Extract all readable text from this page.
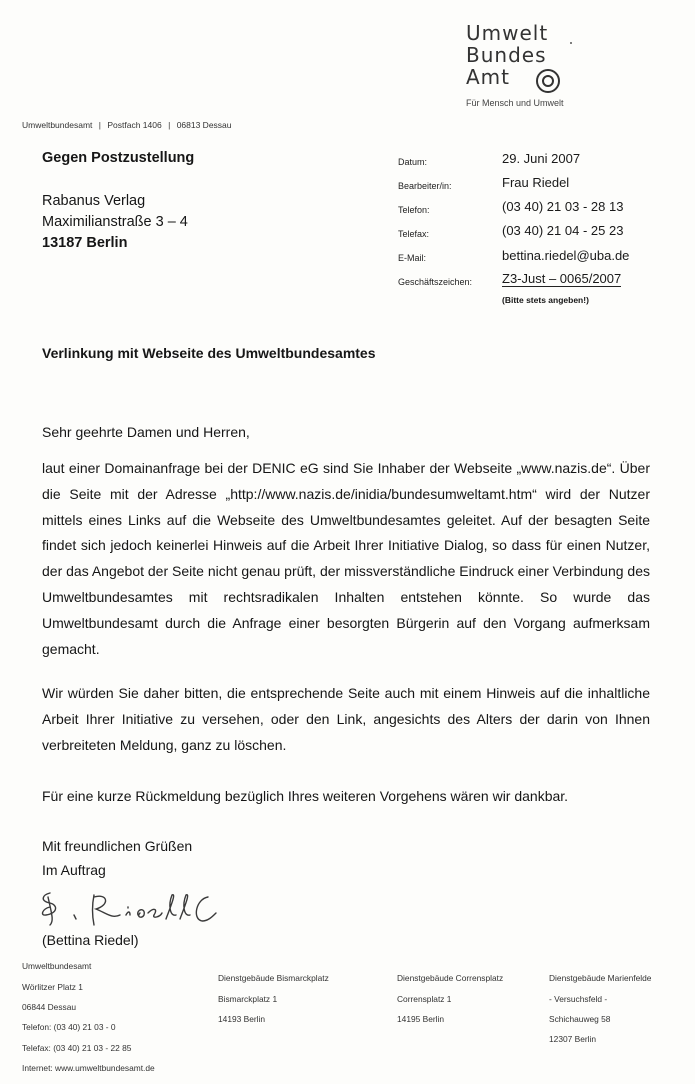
Umwelt
Bundes
Amt
Für Mensch und Umwelt
Umweltbundesamt | Postfach 1406 | 06813 Dessau
Gegen Postzustellung
Rabanus Verlag
Maximilianstraße 3 – 4
13187 Berlin
Datum:	29. Juni 2007
Bearbeiter/in:	Frau Riedel
Telefon:	(03 40) 21 03 - 28 13
Telefax:	(03 40) 21 04 - 25 23
E-Mail:	bettina.riedel@uba.de
Geschäftszeichen: Z3-Just – 0065/2007
(Bitte stets angeben!)
Verlinkung mit Webseite des Umweltbundesamtes
Sehr geehrte Damen und Herren,
laut einer Domainanfrage bei der DENIC eG sind Sie Inhaber der Webseite „www.nazis.de“. Über die Seite mit der Adresse „http://www.nazis.de/inidia/bundesumweltamt.htm“ wird der Nutzer mittels eines Links auf die Webseite des Umweltbundesamtes geleitet. Auf der besagten Seite findet sich jedoch keinerlei Hinweis auf die Arbeit Ihrer Initiative Dialog, so dass für einen Nutzer, der das Angebot der Seite nicht genau prüft, der missverständliche Eindruck einer Verbindung des Umweltbundesamtes mit rechtsradikalen Inhalten entstehen könnte. So wurde das Umweltbundesamt durch die Anfrage einer besorgten Bürgerin auf den Vorgang aufmerksam gemacht.
Wir würden Sie daher bitten, die entsprechende Seite auch mit einem Hinweis auf die inhaltliche Arbeit Ihrer Initiative zu versehen, oder den Link, angesichts des Alters der darin von Ihnen verbreiteten Meldung, ganz zu löschen.
Für eine kurze Rückmeldung bezüglich Ihres weiteren Vorgehens wären wir dankbar.
Mit freundlichen Grüßen
Im Auftrag
(Bettina Riedel)

Umweltbundesamt

Wörlitzer Platz 1

06844 Dessau

Telefon: (03 40) 21 03 - 0

Telefax: (03 40) 21 03 - 22 85

Internet: www.umweltbundesamt.de

Dienstgebäude Bismarckplatz

Bismarckplatz 1

14193 Berlin

Dienstgebäude Corrensplatz

Corrensplatz 1

14195 Berlin

Dienstgebäude Marienfelde

- Versuchsfeld -

Schichauweg 58

12307 Berlin
